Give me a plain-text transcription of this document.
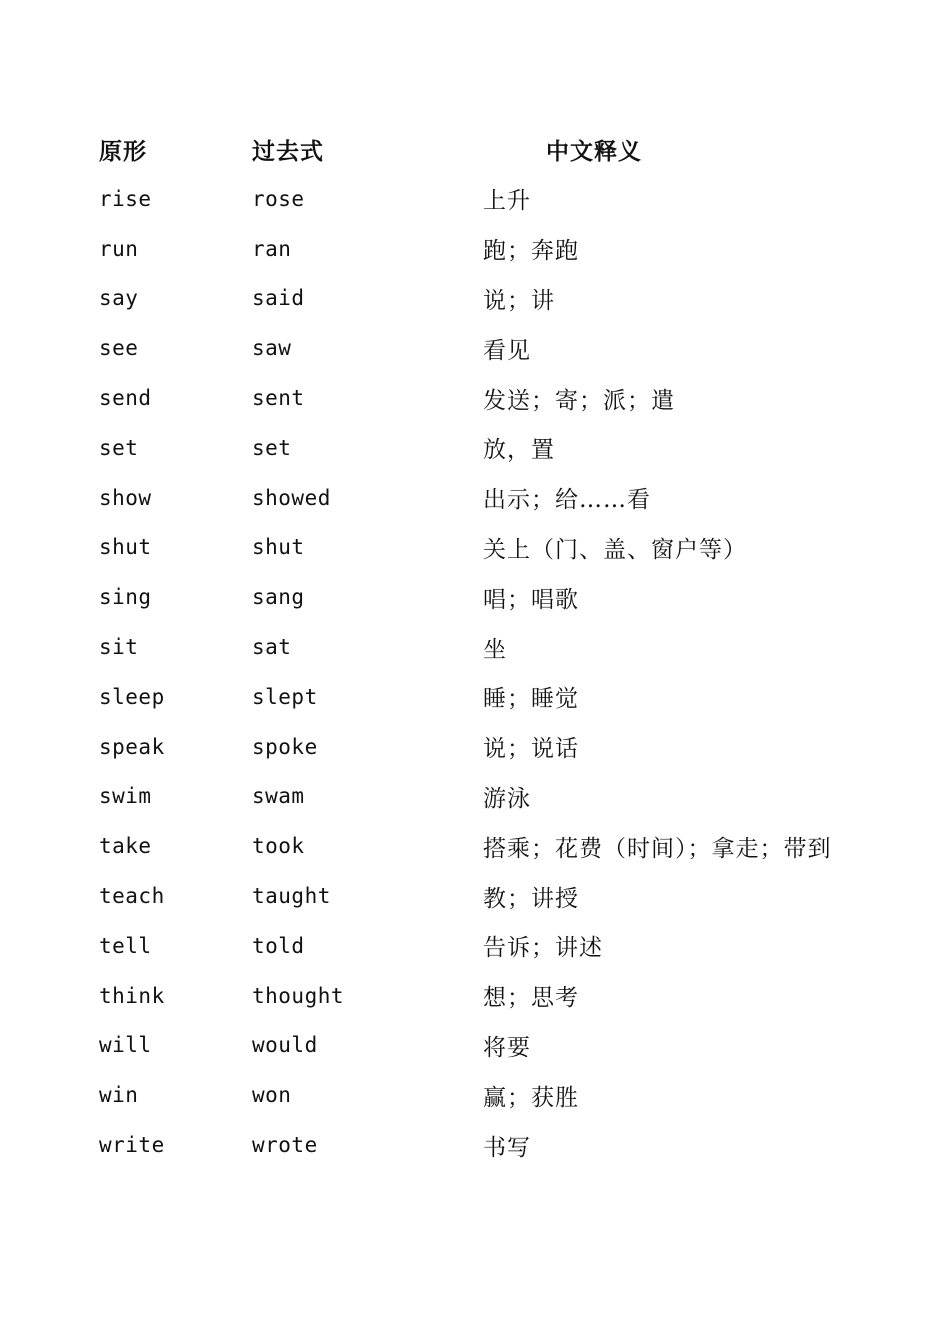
原形	过去式	中文释义
rise	rose	上升
run	ran	跑；奔跑
say	said	说；讲
see	saw	看见
send	sent	发送；寄；派；遣
set	set	放，置
show	showed	出示；给……看
shut	shut	关上（门、盖、窗户等）
sing	sang	唱；唱歌
sit	sat	坐
sleep	slept	睡；睡觉
speak	spoke	说；说话
swim	swam	游泳
take	took	搭乘；花费（时间）；拿走；带到
teach	taught	教；讲授
tell	told	告诉；讲述
think	thought	想；思考
will	would	将要
win	won	赢；获胜
write	wrote	书写
